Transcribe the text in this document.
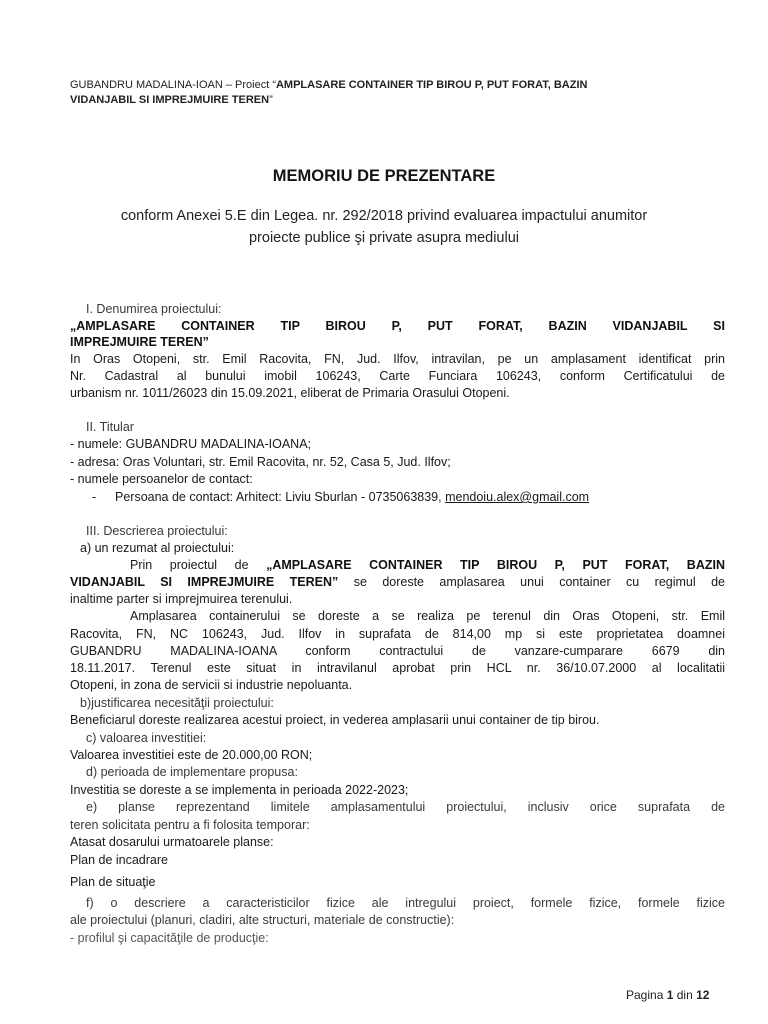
GUBANDRU MADALINA-IOAN – Proiect “AMPLASARE CONTAINER TIP BIROU P, PUT FORAT, BAZIN
VIDANJABIL SI IMPREJMUIRE TEREN”
MEMORIU DE PREZENTARE
conform Anexei 5.E din Legea. nr. 292/2018 privind evaluarea impactului anumitor
proiecte publice şi private asupra mediului
I. Denumirea proiectului:
„AMPLASARE CONTAINER TIP BIROU P, PUT FORAT, BAZIN VIDANJABIL SI
IMPREJMUIRE TEREN”
In Oras Otopeni, str. Emil Racovita, FN, Jud. Ilfov, intravilan, pe un amplasament identificat prin
Nr. Cadastral al bunului imobil 106243, Carte Funciara 106243, conform Certificatului de
urbanism nr. 1011/26023 din 15.09.2021, eliberat de Primaria Orasului Otopeni.
II. Titular
- numele: GUBANDRU MADALINA-IOANA;
- adresa: Oras Voluntari, str. Emil Racovita, nr. 52, Casa 5, Jud. Ilfov;
- numele persoanelor de contact:
- Persoana de contact: Arhitect: Liviu Sburlan - 0735063839, mendoiu.alex@gmail.com
III. Descrierea proiectului:
a) un rezumat al proiectului:
Prin proiectul de „AMPLASARE CONTAINER TIP BIROU P, PUT FORAT, BAZIN
VIDANJABIL SI IMPREJMUIRE TEREN” se doreste amplasarea unui container cu regimul de
inaltime parter si imprejmuirea terenului.
Amplasarea containerului se doreste a se realiza pe terenul din Oras Otopeni, str. Emil
Racovita, FN, NC 106243, Jud. Ilfov in suprafata de 814,00 mp si este proprietatea doamnei
GUBANDRU MADALINA-IOANA conform contractului de vanzare-cumparare 6679 din
18.11.2017. Terenul este situat in intravilanul aprobat prin HCL nr. 36/10.07.2000 al localitatii
Otopeni, in zona de servicii si industrie nepoluanta.
b)justificarea necesităţii proiectului:
Beneficiarul doreste realizarea acestui proiect, in vederea amplasarii unui container de tip birou.
c) valoarea investitiei:
Valoarea investitiei este de 20.000,00 RON;
d) perioada de implementare propusa:
Investitia se doreste a se implementa in perioada 2022-2023;
e) planse reprezentand limitele amplasamentului proiectului, inclusiv orice suprafata de
teren solicitata pentru a fi folosita temporar:
Atasat dosarului urmatoarele planse:
Plan de incadrare
Plan de situaţie
f) o descriere a caracteristicilor fizice ale intregului proiect, formele fizice, formele fizice
ale proiectului (planuri, cladiri, alte structuri, materiale de constructie):
- profilul şi capacităţile de producţie:
Pagina 1 din 12
